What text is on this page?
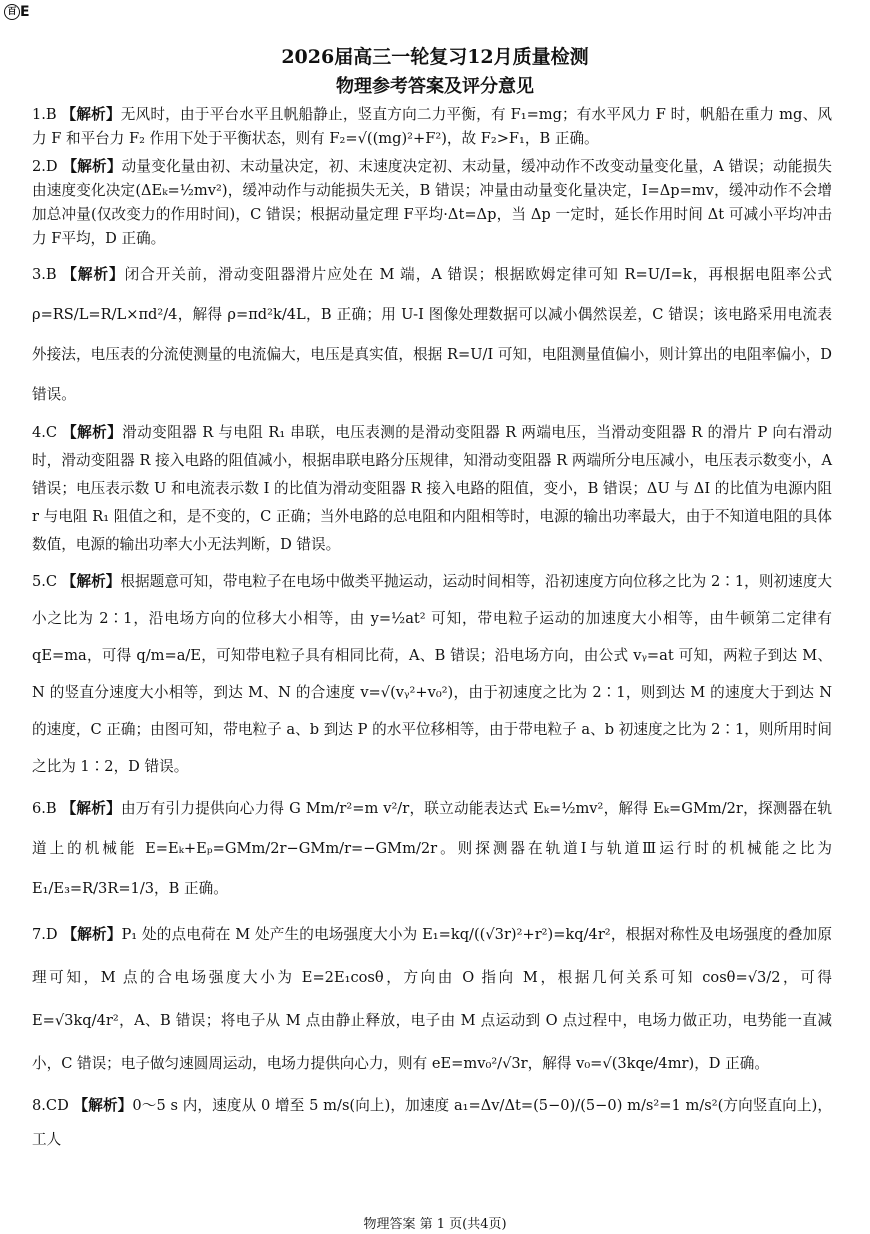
百 E
2026届高三一轮复习12月质量检测
物理参考答案及评分意见

1.B 【解析】无风时，由于平台水平且帆船静止，竖直方向二力平衡，有 F₁=mg；有水平风力 F 时，帆船在重力 mg、风力 F 和平台力 F₂ 作用下处于平衡状态，则有 F₂=√((mg)²+F²)，故 F₂>F₁，B 正确。

2.D 【解析】动量变化量由初、末动量决定，初、末速度决定初、末动量，缓冲动作不改变动量变化量，A 错误；动能损失由速度变化决定(ΔEₖ=½mv²)，缓冲动作与动能损失无关，B 错误；冲量由动量变化量决定，I=Δp=mv，缓冲动作不会增加总冲量(仅改变力的作用时间)，C 错误；根据动量定理 F平均·Δt=Δp，当 Δp 一定时，延长作用时间 Δt 可减小平均冲击力 F平均，D 正确。

3.B 【解析】闭合开关前，滑动变阻器滑片应处在 M 端，A 错误；根据欧姆定律可知 R=U/I=k，再根据电阻率公式 ρ=RS/L=R/L×πd²/4，解得 ρ=πd²k/4L，B 正确；用 U-I 图像处理数据可以减小偶然误差，C 错误；该电路采用电流表外接法，电压表的分流使测量的电流偏大，电压是真实值，根据 R=U/I 可知，电阻测量值偏小，则计算出的电阻率偏小，D 错误。

4.C 【解析】滑动变阻器 R 与电阻 R₁ 串联，电压表测的是滑动变阻器 R 两端电压，当滑动变阻器 R 的滑片 P 向右滑动时，滑动变阻器 R 接入电路的阻值减小，根据串联电路分压规律，知滑动变阻器 R 两端所分电压减小，电压表示数变小，A 错误；电压表示数 U 和电流表示数 I 的比值为滑动变阻器 R 接入电路的阻值，变小，B 错误；ΔU 与 ΔI 的比值为电源内阻 r 与电阻 R₁ 阻值之和，是不变的，C 正确；当外电路的总电阻和内阻相等时，电源的输出功率最大，由于不知道电阻的具体数值，电源的输出功率大小无法判断，D 错误。

5.C 【解析】根据题意可知，带电粒子在电场中做类平抛运动，运动时间相等，沿初速度方向位移之比为 2∶1，则初速度大小之比为 2∶1，沿电场方向的位移大小相等，由 y=½at² 可知，带电粒子运动的加速度大小相等，由牛顿第二定律有 qE=ma，可得 q/m=a/E，可知带电粒子具有相同比荷，A、B 错误；沿电场方向，由公式 vᵧ=at 可知，两粒子到达 M、N 的竖直分速度大小相等，到达 M、N 的合速度 v=√(vᵧ²+v₀²)，由于初速度之比为 2∶1，则到达 M 的速度大于到达 N 的速度，C 正确；由图可知，带电粒子 a、b 到达 P 的水平位移相等，由于带电粒子 a、b 初速度之比为 2∶1，则所用时间之比为 1∶2，D 错误。

6.B 【解析】由万有引力提供向心力得 G Mm/r²=m v²/r，联立动能表达式 Eₖ=½mv²，解得 Eₖ=GMm/2r，探测器在轨道上的机械能 E=Eₖ+Eₚ=GMm/2r−GMm/r=−GMm/2r。则探测器在轨道Ⅰ与轨道Ⅲ运行时的机械能之比为 E₁/E₃=R/3R=1/3，B 正确。

7.D 【解析】P₁ 处的点电荷在 M 处产生的电场强度大小为 E₁=kq/((√3r)²+r²)=kq/4r²，根据对称性及电场强度的叠加原理可知，M 点的合电场强度大小为 E=2E₁cosθ，方向由 O 指向 M，根据几何关系可知 cosθ=√3/2，可得 E=√3kq/4r²，A、B 错误；将电子从 M 点由静止释放，电子由 M 点运动到 O 点过程中，电场力做正功，电势能一直减小，C 错误；电子做匀速圆周运动，电场力提供向心力，则有 eE=mv₀²/√3r，解得 v₀=√(3kqe/4mr)，D 正确。

8.CD 【解析】0～5 s 内，速度从 0 增至 5 m/s(向上)，加速度 a₁=Δv/Δt=(5−0)/(5−0) m/s²=1 m/s²(方向竖直向上)，工人

物理答案 第 1 页(共4页)
